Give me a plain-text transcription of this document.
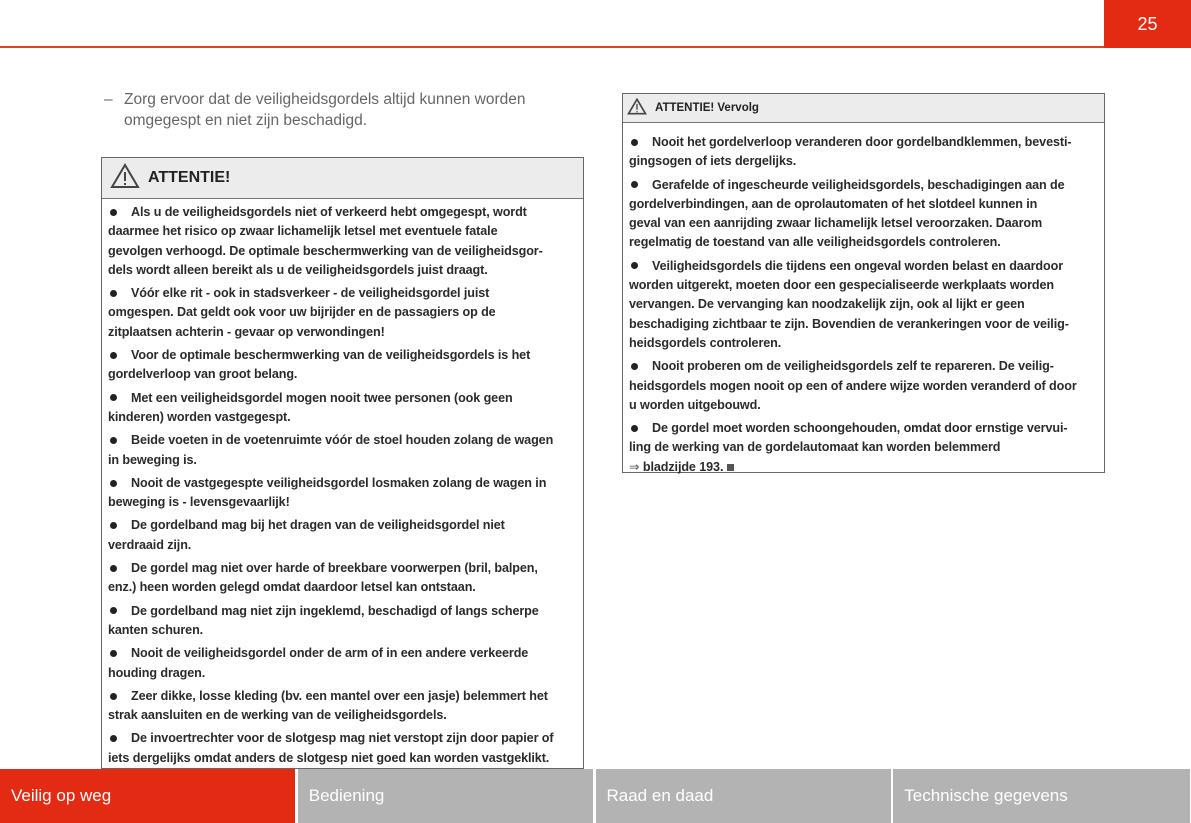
25
– Zorg ervoor dat de veiligheidsgordels altijd kunnen worden
omgegespt en niet zijn beschadigd.
ATTENTIE!
Als u de veiligheidsgordels niet of verkeerd hebt omgegespt, wordt
daarmee het risico op zwaar lichamelijk letsel met eventuele fatale
gevolgen verhoogd. De optimale beschermwerking van de veiligheidsgor-
dels wordt alleen bereikt als u de veiligheidsgordels juist draagt.
Vóór elke rit - ook in stadsverkeer - de veiligheidsgordel juist
omgespen. Dat geldt ook voor uw bijrijder en de passagiers op de
zitplaatsen achterin - gevaar op verwondingen!
Voor de optimale beschermwerking van de veiligheidsgordels is het
gordelverloop van groot belang.
Met een veiligheidsgordel mogen nooit twee personen (ook geen
kinderen) worden vastgegespt.
Beide voeten in de voetenruimte vóór de stoel houden zolang de wagen
in beweging is.
Nooit de vastgegespte veiligheidsgordel losmaken zolang de wagen in
beweging is - levensgevaarlijk!
De gordelband mag bij het dragen van de veiligheidsgordel niet
verdraaid zijn.
De gordel mag niet over harde of breekbare voorwerpen (bril, balpen,
enz.) heen worden gelegd omdat daardoor letsel kan ontstaan.
De gordelband mag niet zijn ingeklemd, beschadigd of langs scherpe
kanten schuren.
Nooit de veiligheidsgordel onder de arm of in een andere verkeerde
houding dragen.
Zeer dikke, losse kleding (bv. een mantel over een jasje) belemmert het
strak aansluiten en de werking van de veiligheidsgordels.
De invoertrechter voor de slotgesp mag niet verstopt zijn door papier of
iets dergelijks omdat anders de slotgesp niet goed kan worden vastgeklikt.
ATTENTIE! Vervolg
Nooit het gordelverloop veranderen door gordelbandklemmen, bevesti-
gingsogen of iets dergelijks.
Gerafelde of ingescheurde veiligheidsgordels, beschadigingen aan de
gordelverbindingen, aan de oprolautomaten of het slotdeel kunnen in
geval van een aanrijding zwaar lichamelijk letsel veroorzaken. Daarom
regelmatig de toestand van alle veiligheidsgordels controleren.
Veiligheidsgordels die tijdens een ongeval worden belast en daardoor
worden uitgerekt, moeten door een gespecialiseerde werkplaats worden
vervangen. De vervanging kan noodzakelijk zijn, ook al lijkt er geen
beschadiging zichtbaar te zijn. Bovendien de verankeringen voor de veilig-
heidsgordels controleren.
Nooit proberen om de veiligheidsgordels zelf te repareren. De veilig-
heidsgordels mogen nooit op een of andere wijze worden veranderd of door
u worden uitgebouwd.
De gordel moet worden schoongehouden, omdat door ernstige vervui-
ling de werking van de gordelautomaat kan worden belemmerd
⇒ bladzijde 193.
Veilig op weg	Bediening	Raad en daad	Technische gegevens
